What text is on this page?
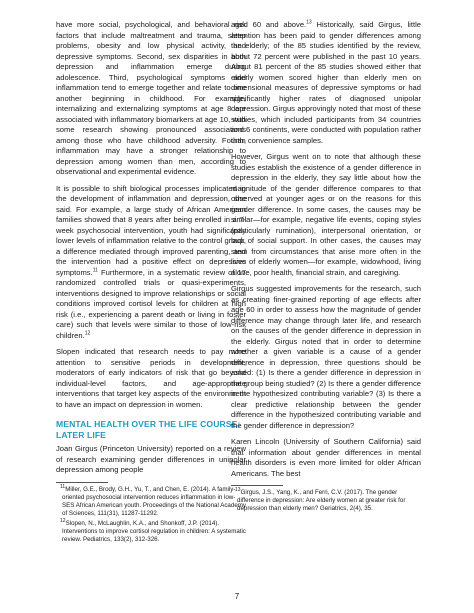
have more social, psychological, and behavioral risk factors that include maltreatment and trauma, sleep problems, obesity and low physical activity, and depressive symptoms. Second, sex disparities in both depression and inflammation emerge during adolescence. Third, psychological symptoms and inflammation tend to emerge together and relate to one another beginning in childhood. For example, internalizing and externalizing symptoms at age 8 are associated with inflammatory biomarkers at age 10, with some research showing pronounced associations among those who have childhood adversity. Fourth, inflammation may have a stronger relationship to depression among women than men, according to observational and experimental evidence.

It is possible to shift biological processes implicated in the development of inflammation and depression, she said. For example, a large study of African American families showed that 8 years after being enrolled in a 7-week psychosocial intervention, youth had significantly lower levels of inflammation relative to the control group, a difference mediated through improved parenting, and the intervention had a positive effect on depressive symptoms.$^{11}$ Furthermore, in a systematic review of 17 randomized controlled trials or quasi-experiments, interventions designed to improve relationships or social conditions improved cortisol levels for children at high risk (i.e., experiencing a parent death or living in foster care) such that levels were similar to those of low-risk children.$^{12}$

Slopen indicated that research needs to pay more attention to sensitive periods in development, moderators of early indicators of risk that go beyond individual-level factors, and age-appropriate interventions that target key aspects of the environment to have an impact on depression in women.

MENTAL HEALTH OVER THE LIFE COURSE: LATER LIFE

Joan Girgus (Princeton University) reported on a review of research examining gender differences in unipolar depression among people

$^{11}$Miller, G.E., Brody, G.H., Yu, T., and Chen, E. (2014). A family-oriented psychosocial intervention reduces inflammation in low-SES African American youth. Proceedings of the National Academy of Sciences, 111(31), 11287-11292.

$^{12}$Slopen, N., McLaughlin, K.A., and Shonkoff, J.P. (2014). Interventions to improve cortisol regulation in children: A systematic review. Pediatrics, 133(2), 312-326.

aged 60 and above.$^{13}$ Historically, said Girgus, little attention has been paid to gender differences among the elderly; of the 85 studies identified by the review, about 72 percent were published in the past 10 years. About 81 percent of the 85 studies showed either that elderly women scored higher than elderly men on dimensional measures of depressive symptoms or had significantly higher rates of diagnosed unipolar depression. Girgus approvingly noted that most of these studies, which included participants from 34 countries and 6 continents, were conducted with population rather than convenience samples.

However, Girgus went on to note that although these studies establish the existence of a gender difference in depression in the elderly, they say little about how the magnitude of the gender difference compares to that observed at younger ages or on the reasons for this gender difference. In some cases, the causes may be similar—for example, negative life events, coping styles (particularly rumination), interpersonal orientation, or lack of social support. In other cases, the causes may stem from circumstances that arise more often in the lives of elderly women—for example, widowhood, living alone, poor health, financial strain, and caregiving.

Girgus suggested improvements for the research, such as creating finer-grained reporting of age effects after age 60 in order to assess how the magnitude of gender difference may change through later life, and research on the causes of the gender difference in depression in the elderly. Girgus noted that in order to determine whether a given variable is a cause of a gender difference in depression, three questions should be asked: (1) Is there a gender difference in depression in the group being studied? (2) Is there a gender difference in the hypothesized contributing variable? (3) Is there a clear predictive relationship between the gender difference in the hypothesized contributing variable and the gender difference in depression?

Karen Lincoln (University of Southern California) said that information about gender differences in mental health disorders is even more limited for older African Americans. The best

$^{13}$Girgus, J.S., Yang, K., and Ferri, C.V. (2017). The gender difference in depression: Are elderly women at greater risk for depression than elderly men? Geriatrics, 2(4), 35.

7
